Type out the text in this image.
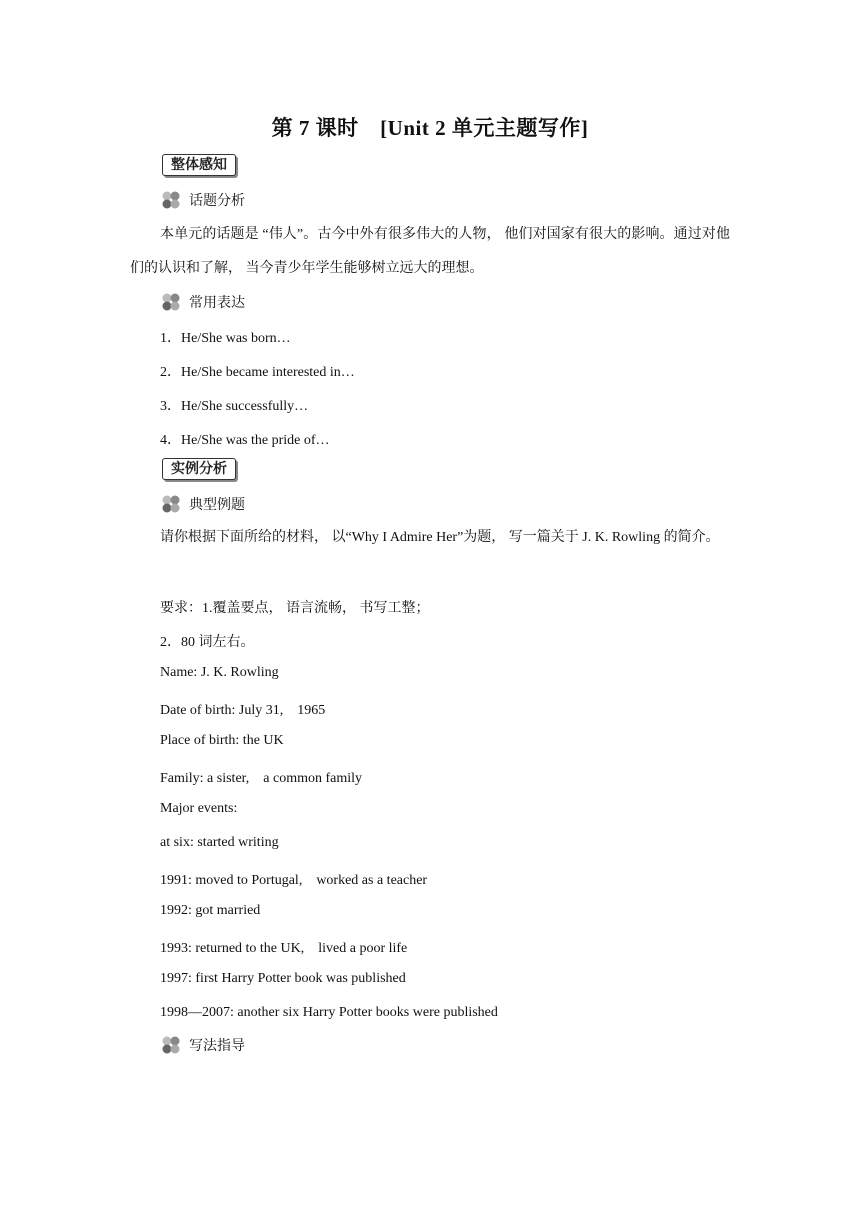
第 7 课时　[Unit 2 单元主题写作]
整体感知
话题分析
本单元的话题是 “伟人”。古今中外有很多伟大的人物， 他们对国家有很大的影响。通过对他们的认识和了解， 当今青少年学生能够树立远大的理想。
常用表达
1．He/She was born…
2．He/She became interested in…
3．He/She successfully…
4．He/She was the pride of…
实例分析
典型例题
请你根据下面所给的材料， 以“Why I Admire Her”为题， 写一篇关于 J. K. Rowling 的简介。
要求：1.覆盖要点， 语言流畅， 书写工整；
2．80 词左右。
Name: J. K. Rowling
Date of birth: July 31,　1965
Place of birth: the UK
Family: a sister,　a common family
Major events:
at six: started writing
1991: moved to Portugal,　worked as a teacher
1992: got married
1993: returned to the UK,　lived a poor life
1997: first Harry Potter book was published
1998—2007: another six Harry Potter books were published
写法指导
